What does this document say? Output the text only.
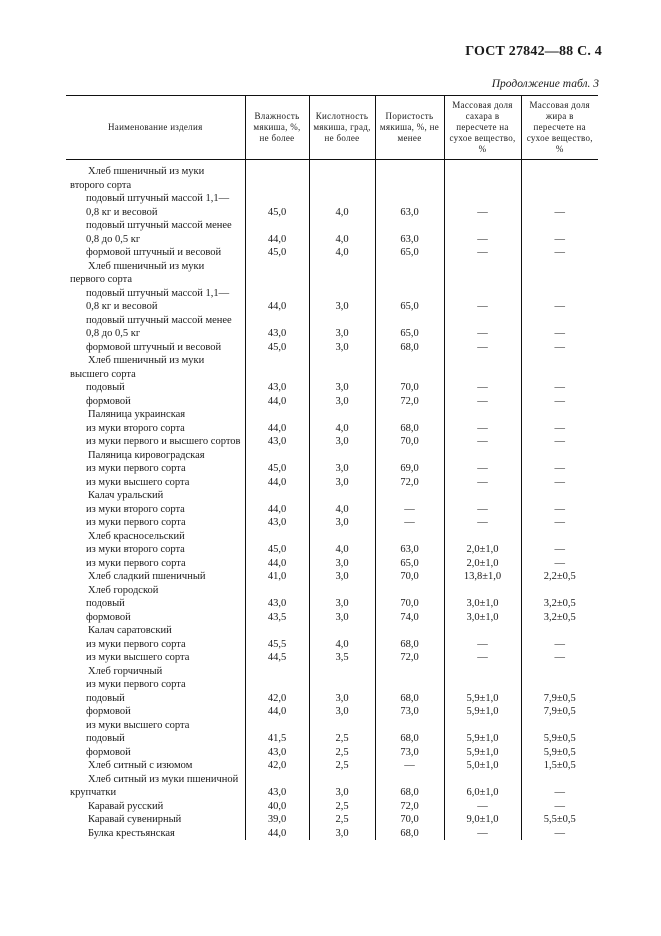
ГОСТ 27842—88 С. 4
Продолжение табл. 3
Наименование изделия	Влажность мякиша, %, не более	Кислотность мякиша, град, не более	Пористость мякиша, %, не менее	Массовая доля сахара в пересчете на сухое вещество, %	Массовая доля жира в пересчете на сухое вещество, %
Хлеб пшеничный из муки второго сорта					
подовый штучный массой 1,1—0,8 кг и весовой	45,0	4,0	63,0	—	—
подовый штучный массой менее 0,8 до 0,5 кг	44,0	4,0	63,0	—	—
формовой штучный и весовой	45,0	4,0	65,0	—	—
Хлеб пшеничный из муки первого сорта					
подовый штучный массой 1,1—0,8 кг и весовой	44,0	3,0	65,0	—	—
подовый штучный массой менее 0,8 до 0,5 кг	43,0	3,0	65,0	—	—
формовой штучный и весовой	45,0	3,0	68,0	—	—
Хлеб пшеничный из муки высшего сорта					
подовый	43,0	3,0	70,0	—	—
формовой	44,0	3,0	72,0	—	—
Паляница украинская					
из муки второго сорта	44,0	4,0	68,0	—	—
из муки первого и высшего сортов	43,0	3,0	70,0	—	—
Паляница кировоградская					
из муки первого сорта	45,0	3,0	69,0	—	—
из муки высшего сорта	44,0	3,0	72,0	—	—
Калач уральский					
из муки второго сорта	44,0	4,0	—	—	—
из муки первого сорта	43,0	3,0	—	—	—
Хлеб красносельский					
из муки второго сорта	45,0	4,0	63,0	2,0±1,0	—
из муки первого сорта	44,0	3,0	65,0	2,0±1,0	—
Хлеб сладкий пшеничный	41,0	3,0	70,0	13,8±1,0	2,2±0,5
Хлеб городской					
подовый	43,0	3,0	70,0	3,0±1,0	3,2±0,5
формовой	43,5	3,0	74,0	3,0±1,0	3,2±0,5
Калач саратовский					
из муки первого сорта	45,5	4,0	68,0	—	—
из муки высшего сорта	44,5	3,5	72,0	—	—
Хлеб горчичный					
из муки первого сорта					
подовый	42,0	3,0	68,0	5,9±1,0	7,9±0,5
формовой	44,0	3,0	73,0	5,9±1,0	7,9±0,5
из муки высшего сорта					
подовый	41,5	2,5	68,0	5,9±1,0	5,9±0,5
формовой	43,0	2,5	73,0	5,9±1,0	5,9±0,5
Хлеб ситный с изюмом	42,0	2,5	—	5,0±1,0	1,5±0,5
Хлеб ситный из муки пшеничной крупчатки	43,0	3,0	68,0	6,0±1,0	—
Каравай русский	40,0	2,5	72,0	—	—
Каравай сувенирный	39,0	2,5	70,0	9,0±1,0	5,5±0,5
Булка крестьянская	44,0	3,0	68,0	—	—
